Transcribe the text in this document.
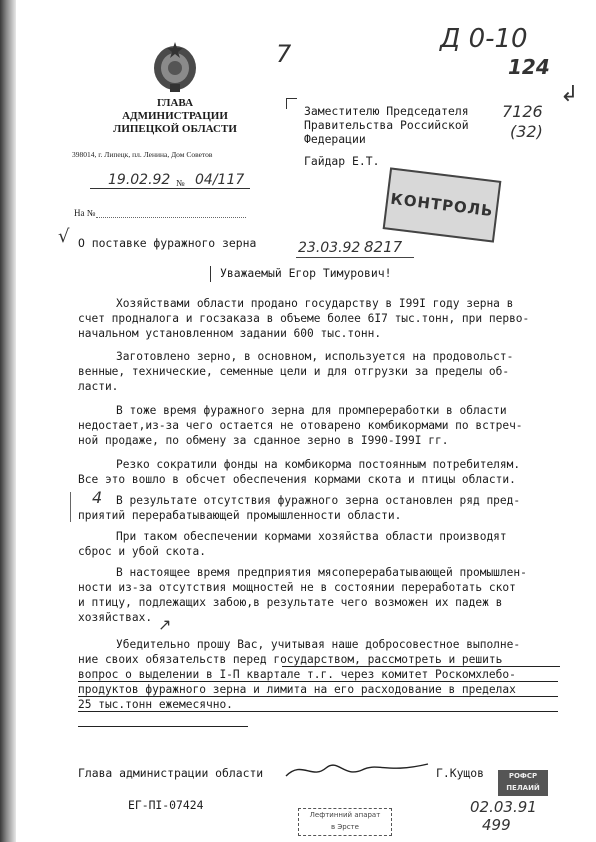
ГЛАВА
АДМИНИСТРАЦИИ
ЛИПЕЦКОЙ ОБЛАСТИ
398014, г. Липецк, пл. Ленина, Дом Советов
19.02.92 № 04/117
На №
7	Д 0-10
124
7126
(32)
↲
Заместителю Председателя
Правительства Российской
Федерации
Гайдар Е.Т.
КОНТРОЛЬ
√ О поставке фуражного зерна	23.03.92 8217
Уважаемый Егор Тимурович!
Хозяйствами области продано государству в I99I году зерна в
счет продналога и госзаказа в объеме более 6I7 тыс.тонн, при перво-
начальном установленном задании 600 тыс.тонн.
Заготовлено зерно, в основном, используется на продовольст-
венные, технические, семенные цели и для отгрузки за пределы об-
ласти.
В тоже время фуражного зерна для промпереработки в области
недостает,из-за чего остается не отоварено комбикормами по встреч-
ной продаже, по обмену за сданное зерно в I990-I99I гг.
Резко сократили фонды на комбикорма постоянным потребителям.
Все это вошло в обсчет обеспечения кормами скота и птицы области.
4	В результате отсутствия фуражного зерна остановлен ряд пред-
приятий перерабатывающей промышленности области.
При таком обеспечении кормами хозяйства области производят
сброс и убой скота.
В настоящее время предприятия мясоперерабатывающей промышлен-
ности из-за отсутствия мощностей не в состоянии переработать скот
и птицу, подлежащих забою,в результате чего возможен их падеж в
хозяйствах. ↗
Убедительно прошу Вас, учитывая наше добросовестное выполне-
ние своих обязательств перед государством, рассмотреть и решить
вопрос о выделении в I-П квартале т.г. через комитет Роскомхлебо-
продуктов фуражного зерна и лимита на его расходование в пределах
25 тыс.тонн ежемесячно.
Глава администрации области	Г.Кущов
ЕГ-ПI-07424
Лефтинний апарат
в Эрсте
РОФСР
ПЕЛАИЙ
02.03.91
499
